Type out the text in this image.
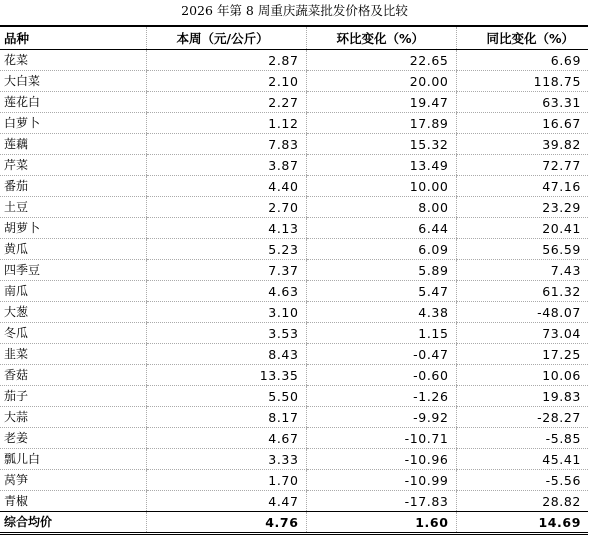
2026 年第 8 周重庆蔬菜批发价格及比较
品种	本周（元/公斤）	环比变化（%）	同比变化（%）
花菜	2.87	22.65	6.69
大白菜	2.10	20.00	118.75
莲花白	2.27	19.47	63.31
白萝卜	1.12	17.89	16.67
莲藕	7.83	15.32	39.82
芹菜	3.87	13.49	72.77
番茄	4.40	10.00	47.16
土豆	2.70	8.00	23.29
胡萝卜	4.13	6.44	20.41
黄瓜	5.23	6.09	56.59
四季豆	7.37	5.89	7.43
南瓜	4.63	5.47	61.32
大葱	3.10	4.38	-48.07
冬瓜	3.53	1.15	73.04
韭菜	8.43	-0.47	17.25
香菇	13.35	-0.60	10.06
茄子	5.50	-1.26	19.83
大蒜	8.17	-9.92	-28.27
老姜	4.67	-10.71	-5.85
瓢儿白	3.33	-10.96	45.41
莴笋	1.70	-10.99	-5.56
青椒	4.47	-17.83	28.82
综合均价	4.76	1.60	14.69
